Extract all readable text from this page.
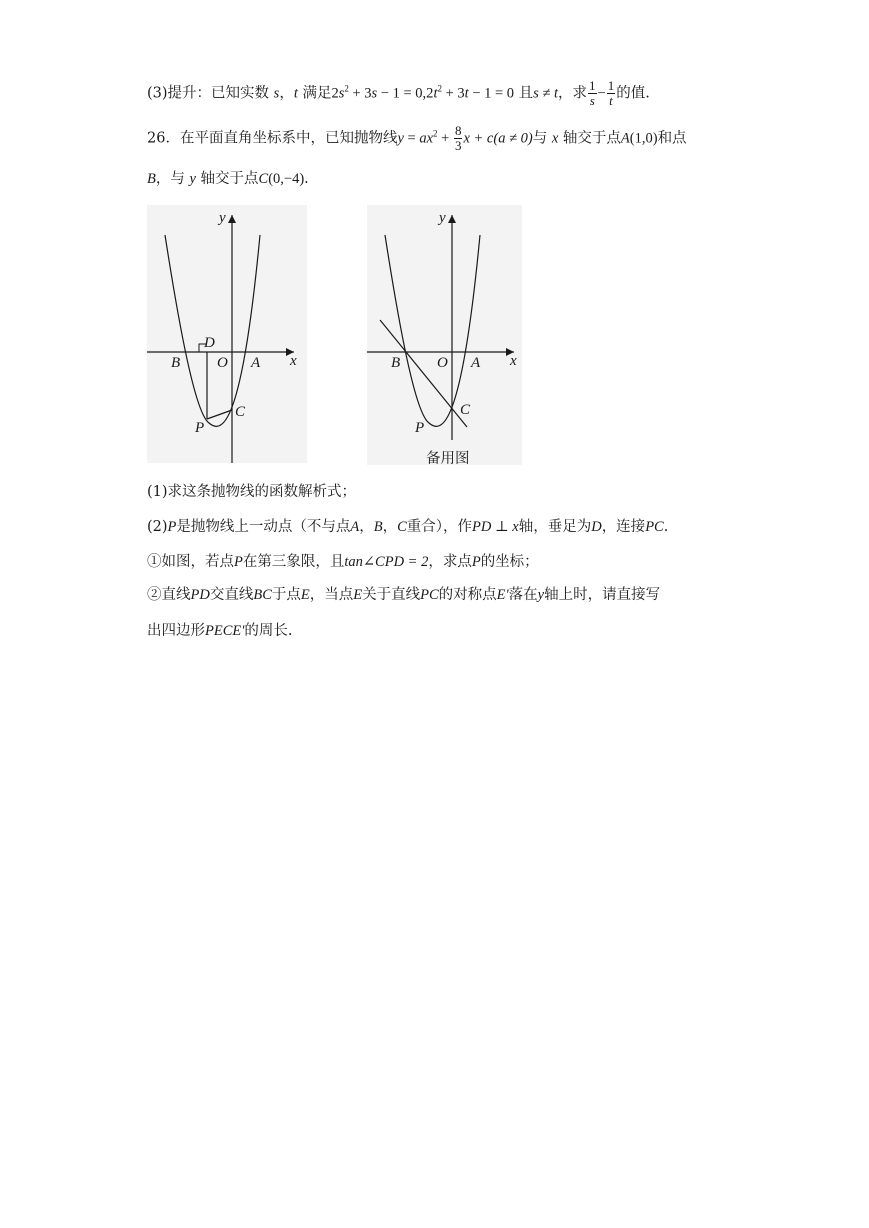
(3)提升：已知实数 s，t 满足$2s^2 + 3s - 1 = 0,2t^2 + 3t - 1 = 0$ 且s ≠ t，求 $\frac{1}{s} - \frac{1}{t}$ 的值.
26．在平面直角坐标系中，已知抛物线$y = ax^2 + \frac{8}{3}$ x + c(a ≠ 0)与 x 轴交于点A(1,0)和点
B，与 y 轴交于点C(0,−4).
y
x
D
B O A
C
P
y
x
B O A
C
P
备用图
(1)求这条抛物线的函数解析式；
(2)P是抛物线上一动点（不与点A，B，C重合），作PD ⊥ x轴，垂足为D，连接PC.
①如图，若点P在第三象限，且tan∠CPD = 2，求点P的坐标；
②直线PD交直线BC于点E，当点E关于直线PC的对称点E′落在y轴上时，请直接写
出四边形PECE′的周长.
